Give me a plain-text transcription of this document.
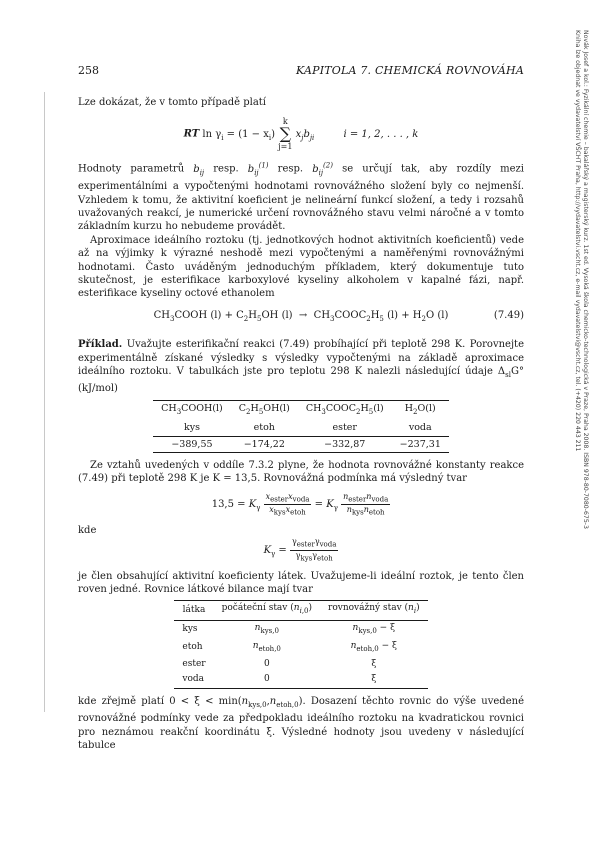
258	KAPITOLA 7. CHEMICKÁ ROVNOVÁHA	Novák Josef a kol.: Fyzikální chemie – bakalářský a magisterský kurz. 1st ed. Vysoká škola chemicko-technologická v Praze, Praha 2008. ISBN 978-80-7080-675-3
Kniha lze objednat ve vydavatelství VŠCHT Praha, http://vydavatelstvi.vscht.cz, e-mail vydavatelstvi@vscht.cz, tel. (+420) 220 443 211

Lze dokázat, že v tomto případě platí

RT $\ln \gamma_i = (1 - x_i)$ k
∑
j=1 $x_jb_{ji}$	i = 1, 2, . . . , k

Hodnoty parametrů $b_{ij}$ resp. $b_{ij}^{(1)}$ resp. $b_{ij}^{(2)}$ se určují tak, aby rozdíly mezi experimentálními a vypočtenými hodnotami rovnovážného složení byly co nejmenší. Vzhledem k tomu, že aktivitní koeficient je nelineární funkcí složení, a tedy i rozsahů uvažovaných reakcí, je numerické určení rovnovážného stavu velmi náročné a v tomto základním kurzu ho nebudeme provádět.

Aproximace ideálního roztoku (tj. jednotkových hodnot aktivitních koeficientů) vede až na výjimky k výrazné neshodě mezi vypočtenými a naměřenými rovnovážnými hodnotami. Často uváděným jednoduchým příkladem, který dokumentuje tuto skutečnost, je esterifikace karboxylové kyseliny alkoholem v kapalné fázi, např. esterifikace kyseliny octové ethanolem

$CH_3COOH$ $(l) + C_2H_5OH$ $(l) \to CH_3COOC_2H_5$ $(l) + H_2O$ (l)	(7.49)

Příklad. Uvažujte esterifikační reakci (7.49) probíhající při teplotě 298 K. Porovnejte experimentálně získané výsledky s výsledky vypočtenými na základě aproximace ideálního roztoku. V tabulkách jste pro teplotu 298 K nalezli následující údaje $\Delta_{sl}G^\circ$ (kJ/mol)

$CH_3COOH(l)$	$C_2H_5OH(l)$	$CH_3COOC_2H_5(l)$	$H_2O(l)$
kys	etoh	ester	voda
−389,55	−174,22	−332,87	−237,31

Ze vztahů uvedených v oddíle 7.3.2 plyne, že hodnota rovnovážné konstanty reakce (7.49) při teplotě 298 K je K = 13,5. Rovnovážná podmínka má výsledný tvar

$13,5 = K_\gamma \frac{x_{ester}x_{voda}}{x_{kys}x_{etoh}} = K_\gamma \frac{n_{ester}n_{voda}}{n_{kys}n_{etoh}}$

kde

$K_\gamma = \frac{\gamma_{ester}\gamma_{voda}}{\gamma_{kys}\gamma_{etoh}}$

je člen obsahující aktivitní koeficienty látek. Uvažujeme-li ideální roztok, je tento člen roven jedné. Rovnice látkové bilance mají tvar

látka	počáteční stav $(n_{i,0})$	rovnovážný stav $(n_i)$
kys	$n_{kys,0}$	$n_{kys,0} - \xi$
etoh	$n_{etoh,0}$	$n_{etoh,0} - \xi$
ester	0	ξ
voda	0	ξ

kde zřejmě platí $0 < \xi < \min(n_{kys,0},n_{etoh,0})$. Dosazení těchto rovnic do výše uvedené rovnovážné podmínky vede za předpokladu ideálního roztoku na kvadratickou rovnici pro neznámou reakční koordinátu ξ. Výsledné hodnoty jsou uvedeny v následující tabulce
